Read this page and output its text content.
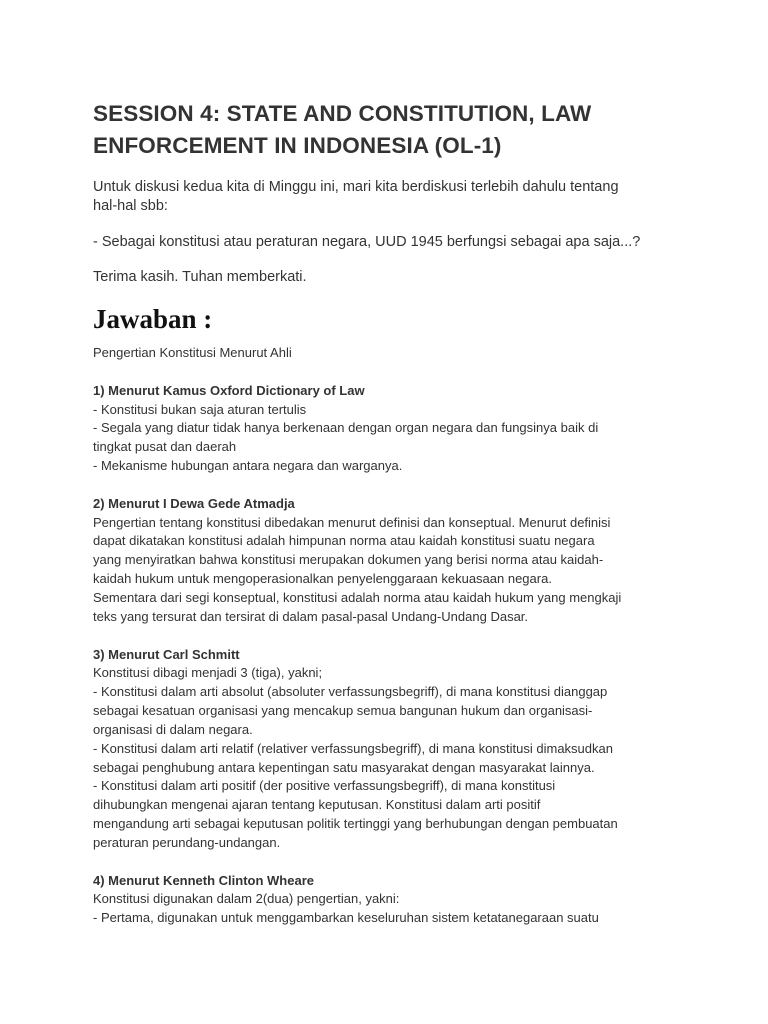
SESSION 4: STATE AND CONSTITUTION, LAW
ENFORCEMENT IN INDONESIA (OL-1)

Untuk diskusi kedua kita di Minggu ini, mari kita berdiskusi terlebih dahulu tentang
hal-hal sbb:

- Sebagai konstitusi atau peraturan negara, UUD 1945 berfungsi sebagai apa saja...?

Terima kasih. Tuhan memberkati.

Jawaban :
Pengertian Konstitusi Menurut Ahli
1) Menurut Kamus Oxford Dictionary of Law
- Konstitusi bukan saja aturan tertulis
- Segala yang diatur tidak hanya berkenaan dengan organ negara dan fungsinya baik di
tingkat pusat dan daerah
- Mekanisme hubungan antara negara dan warganya.
2) Menurut I Dewa Gede Atmadja
Pengertian tentang konstitusi dibedakan menurut definisi dan konseptual. Menurut definisi
dapat dikatakan konstitusi adalah himpunan norma atau kaidah konstitusi suatu negara
yang menyiratkan bahwa konstitusi merupakan dokumen yang berisi norma atau kaidah-
kaidah hukum untuk mengoperasionalkan penyelenggaraan kekuasaan negara.
Sementara dari segi konseptual, konstitusi adalah norma atau kaidah hukum yang mengkaji
teks yang tersurat dan tersirat di dalam pasal-pasal Undang-Undang Dasar.
3) Menurut Carl Schmitt
Konstitusi dibagi menjadi 3 (tiga), yakni;
- Konstitusi dalam arti absolut (absoluter verfassungsbegriff), di mana konstitusi dianggap
sebagai kesatuan organisasi yang mencakup semua bangunan hukum dan organisasi-
organisasi di dalam negara.
- Konstitusi dalam arti relatif (relativer verfassungsbegriff), di mana konstitusi dimaksudkan
sebagai penghubung antara kepentingan satu masyarakat dengan masyarakat lainnya.
- Konstitusi dalam arti positif (der positive verfassungsbegriff), di mana konstitusi
dihubungkan mengenai ajaran tentang keputusan. Konstitusi dalam arti positif
mengandung arti sebagai keputusan politik tertinggi yang berhubungan dengan pembuatan
peraturan perundang-undangan.
4) Menurut Kenneth Clinton Wheare
Konstitusi digunakan dalam 2(dua) pengertian, yakni:
- Pertama, digunakan untuk menggambarkan keseluruhan sistem ketatanegaraan suatu
